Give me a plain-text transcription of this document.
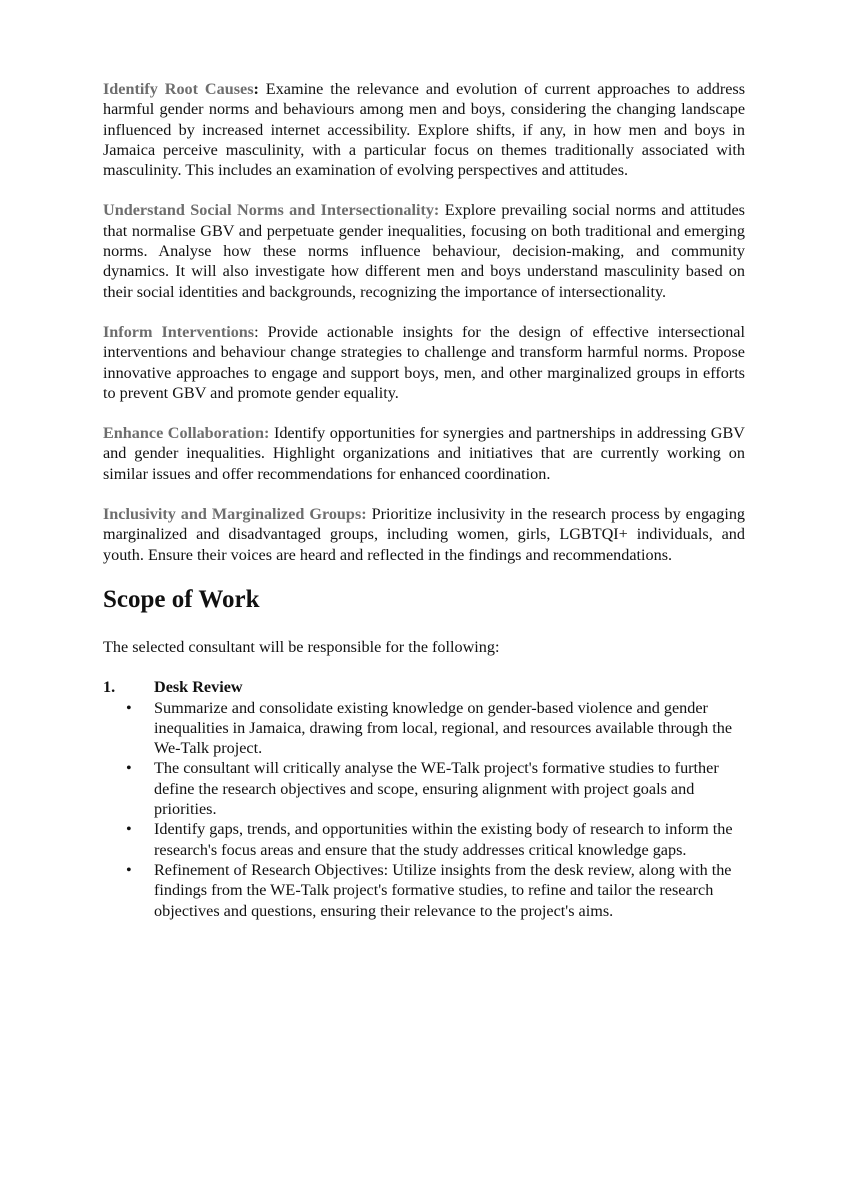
Identify Root Causes: Examine the relevance and evolution of current approaches to address harmful gender norms and behaviours among men and boys, considering the changing landscape influenced by increased internet accessibility. Explore shifts, if any, in how men and boys in Jamaica perceive masculinity, with a particular focus on themes traditionally associated with masculinity. This includes an examination of evolving perspectives and attitudes.

Understand Social Norms and Intersectionality: Explore prevailing social norms and attitudes that normalise GBV and perpetuate gender inequalities, focusing on both traditional and emerging norms. Analyse how these norms influence behaviour, decision-making, and community dynamics. It will also investigate how different men and boys understand masculinity based on their social identities and backgrounds, recognizing the importance of intersectionality.

Inform Interventions: Provide actionable insights for the design of effective intersectional interventions and behaviour change strategies to challenge and transform harmful norms. Propose innovative approaches to engage and support boys, men, and other marginalized groups in efforts to prevent GBV and promote gender equality.

Enhance Collaboration: Identify opportunities for synergies and partnerships in addressing GBV and gender inequalities. Highlight organizations and initiatives that are currently working on similar issues and offer recommendations for enhanced coordination.

Inclusivity and Marginalized Groups: Prioritize inclusivity in the research process by engaging marginalized and disadvantaged groups, including women, girls, LGBTQI+ individuals, and youth. Ensure their voices are heard and reflected in the findings and recommendations.

Scope of Work

The selected consultant will be responsible for the following:

1.	Desk Review
• Summarize and consolidate existing knowledge on gender-based violence and gender inequalities in Jamaica, drawing from local, regional, and resources available through the We-Talk project.
• The consultant will critically analyse the WE-Talk project's formative studies to further define the research objectives and scope, ensuring alignment with project goals and priorities.
• Identify gaps, trends, and opportunities within the existing body of research to inform the research's focus areas and ensure that the study addresses critical knowledge gaps.
• Refinement of Research Objectives: Utilize insights from the desk review, along with the findings from the WE-Talk project's formative studies, to refine and tailor the research objectives and questions, ensuring their relevance to the project's aims.
